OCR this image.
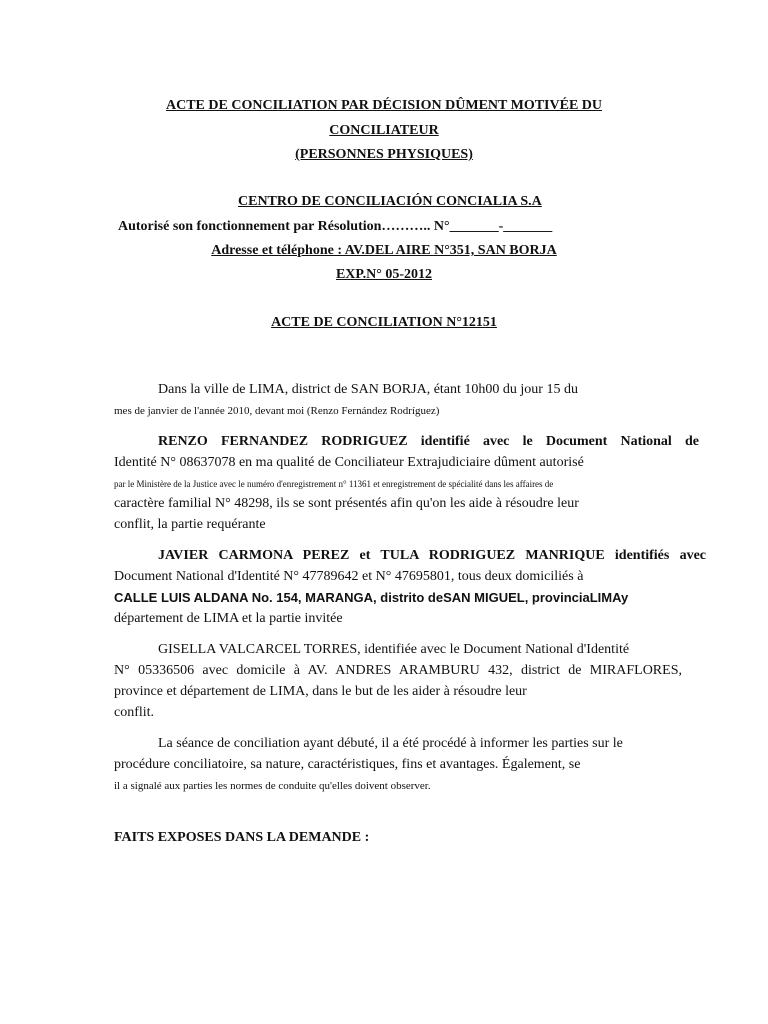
ACTE DE CONCILIATION PAR DÉCISION DÛMENT MOTIVÉE DU
CONCILIATEUR
(PERSONNES PHYSIQUES)
CENTRO DE CONCILIACIÓN CONCIALIA S.A
Autorisé son fonctionnement par Résolution……….. N°_______-_______
Adresse et téléphone : AV.DEL AIRE N°351, SAN BORJA
EXP.N° 05-2012
ACTE DE CONCILIATION N°12151
Dans la ville de LIMA, district de SAN BORJA, étant 10h00 du jour 15 du
mes de janvier de l'année 2010, devant moi (Renzo Fernández Rodríguez)
RENZO FERNANDEZ RODRIGUEZ identifié avec le Document National de
Identité N° 08637078 en ma qualité de Conciliateur Extrajudiciaire dûment autorisé
par le Ministère de la Justice avec le numéro d'enregistrement n° 11361 et enregistrement de spécialité dans les affaires de
caractère familial N° 48298, ils se sont présentés afin qu'on les aide à résoudre leur
conflit, la partie requérante
JAVIER CARMONA PEREZ et TULA RODRIGUEZ MANRIQUE identifiés avec
Document National d'Identité N° 47789642 et N° 47695801, tous deux domiciliés à
CALLE LUIS ALDANA No. 154, MARANGA, distrito deSAN MIGUEL, provinciaLIMAy
département de LIMA et la partie invitée
GISELLA VALCARCEL TORRES, identifiée avec le Document National d'Identité
N° 05336506 avec domicile à AV. ANDRES ARAMBURU 432, district de MIRAFLORES,
province et département de LIMA, dans le but de les aider à résoudre leur
conflit.
La séance de conciliation ayant débuté, il a été procédé à informer les parties sur le
procédure conciliatoire, sa nature, caractéristiques, fins et avantages. Également, se
il a signalé aux parties les normes de conduite qu'elles doivent observer.
FAITS EXPOSES DANS LA DEMANDE :
